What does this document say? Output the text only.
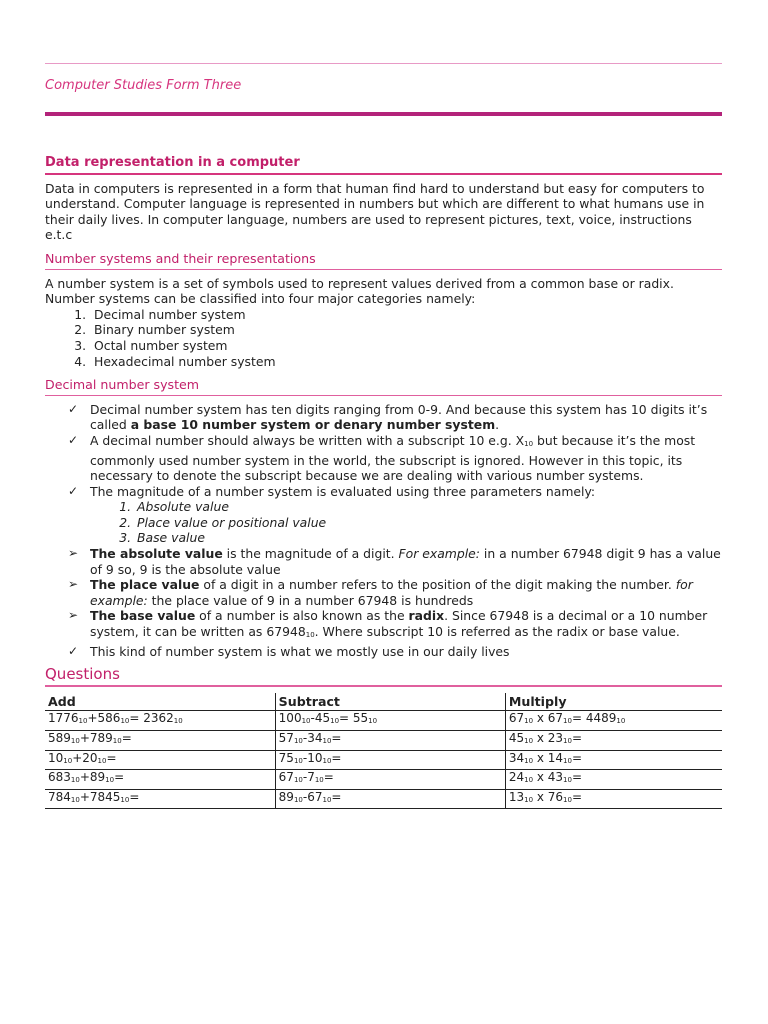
Computer Studies Form Three
Data representation in a computer

Data in computers is represented in a form that human find hard to understand but easy for computers to understand. Computer language is represented in numbers but which are different to what humans use in their daily lives. In computer language, numbers are used to represent pictures, text, voice, instructions e.t.c

Number systems and their representations

A number system is a set of symbols used to represent values derived from a common base or radix. Number systems can be classified into four major categories namely:

1. Decimal number system
2. Binary number system
3. Octal number system
4. Hexadecimal number system
Decimal number system
✓ Decimal number system has ten digits ranging from 0-9. And because this system has 10 digits it’s called a base 10 number system or denary number system.
✓ A decimal number should always be written with a subscript 10 e.g. $X_{10}$ but because it’s the most commonly used number system in the world, the subscript is ignored. However in this topic, its necessary to denote the subscript because we are dealing with various number systems.
✓ The magnitude of a number system is evaluated using three parameters namely:
1. Absolute value
2. Place value or positional value
3. Base value
➢ The absolute value is the magnitude of a digit. For example: in a number 67948 digit 9 has a value of 9 so, 9 is the absolute value
➢ The place value of a digit in a number refers to the position of the digit making the number. for example: the place value of 9 in a number 67948 is hundreds
➢ The base value of a number is also known as the radix. Since 67948 is a decimal or a 10 number system, it can be written as $67948_{10}$. Where subscript 10 is referred as the radix or base value.
✓ This kind of number system is what we mostly use in our daily lives
Questions
Add	Subtract	Multiply
$1776_{10}+586_{10}= 2362_{10}$	$100_{10}-45_{10}= 55_{10}$	$67_{10}$ x $67_{10}= 4489_{10}$
$589_{10}+789_{10}=$	$57_{10}-34_{10}=$	$45_{10}$ x $23_{10}=$
$10_{10}+20_{10}=$	$75_{10}-10_{10}=$	$34_{10}$ x $14_{10}=$
$683_{10}+89_{10}=$	$67_{10}-7_{10}=$	$24_{10}$ x $43_{10}=$
$784_{10}+7845_{10}=$	$89_{10}-67_{10}=$	$13_{10}$ x $76_{10}=$
